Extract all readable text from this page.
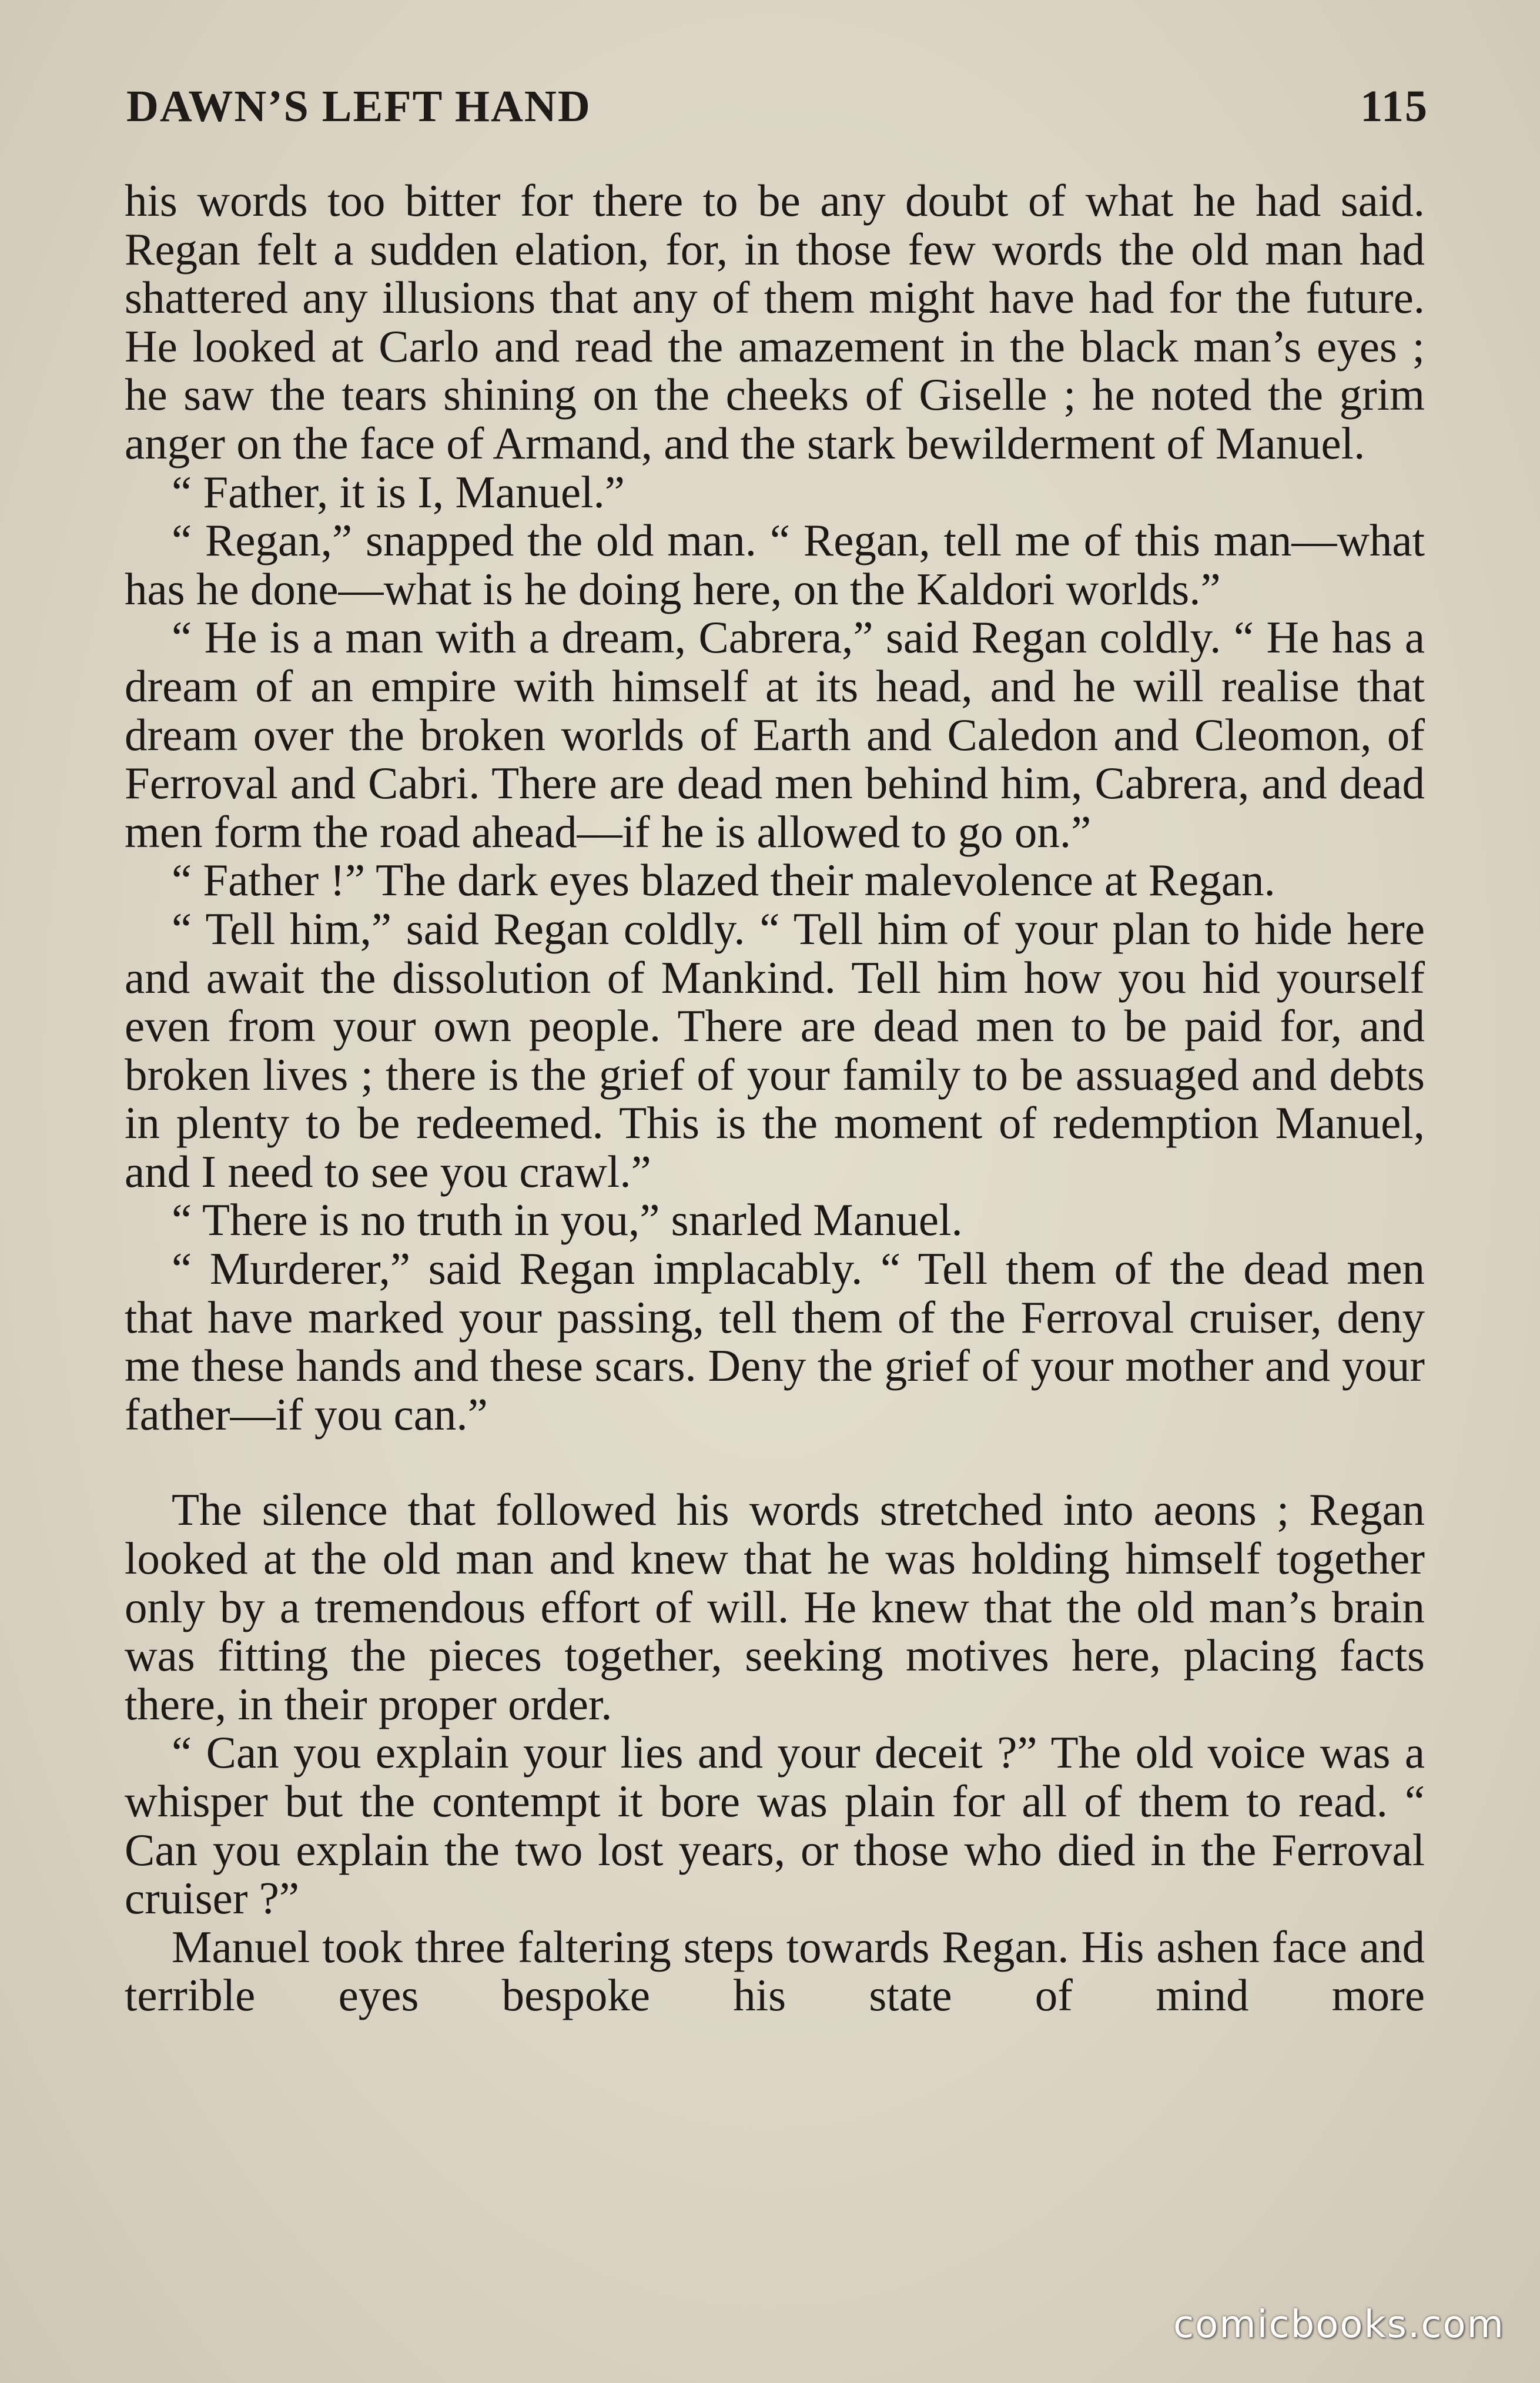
DAWN’S LEFT HAND	115

his words too bitter for there to be any doubt of what he had said. Regan felt a sudden elation, for, in those few words the old man had shattered any illusions that any of them might have had for the future. He looked at Carlo and read the amazement in the black man’s eyes ; he saw the tears shining on the cheeks of Giselle ; he noted the grim anger on the face of Armand, and the stark bewilderment of Manuel.

“ Father, it is I, Manuel.”

“ Regan,” snapped the old man. “ Regan, tell me of this man—what has he done—what is he doing here, on the Kaldori worlds.”

“ He is a man with a dream, Cabrera,” said Regan coldly. “ He has a dream of an empire with himself at its head, and he will realise that dream over the broken worlds of Earth and Caledon and Cleomon, of Ferroval and Cabri. There are dead men behind him, Cabrera, and dead men form the road ahead—if he is allowed to go on.”

“ Father !” The dark eyes blazed their malevolence at Regan.

“ Tell him,” said Regan coldly. “ Tell him of your plan to hide here and await the dissolution of Mankind. Tell him how you hid yourself even from your own people. There are dead men to be paid for, and broken lives ; there is the grief of your family to be assuaged and debts in plenty to be redeemed. This is the moment of redemption Manuel, and I need to see you crawl.”

“ There is no truth in you,” snarled Manuel.

“ Murderer,” said Regan implacably. “ Tell them of the dead men that have marked your passing, tell them of the Ferroval cruiser, deny me these hands and these scars. Deny the grief of your mother and your father—if you can.”

The silence that followed his words stretched into aeons ; Regan looked at the old man and knew that he was holding himself together only by a tremendous effort of will. He knew that the old man’s brain was fitting the pieces together, seeking motives here, placing facts there, in their proper order.

“ Can you explain your lies and your deceit ?” The old voice was a whisper but the contempt it bore was plain for all of them to read. “ Can you explain the two lost years, or those who died in the Ferroval cruiser ?”

Manuel took three faltering steps towards Regan. His ashen face and terrible eyes bespoke his state of mind more

comicbooks.com
